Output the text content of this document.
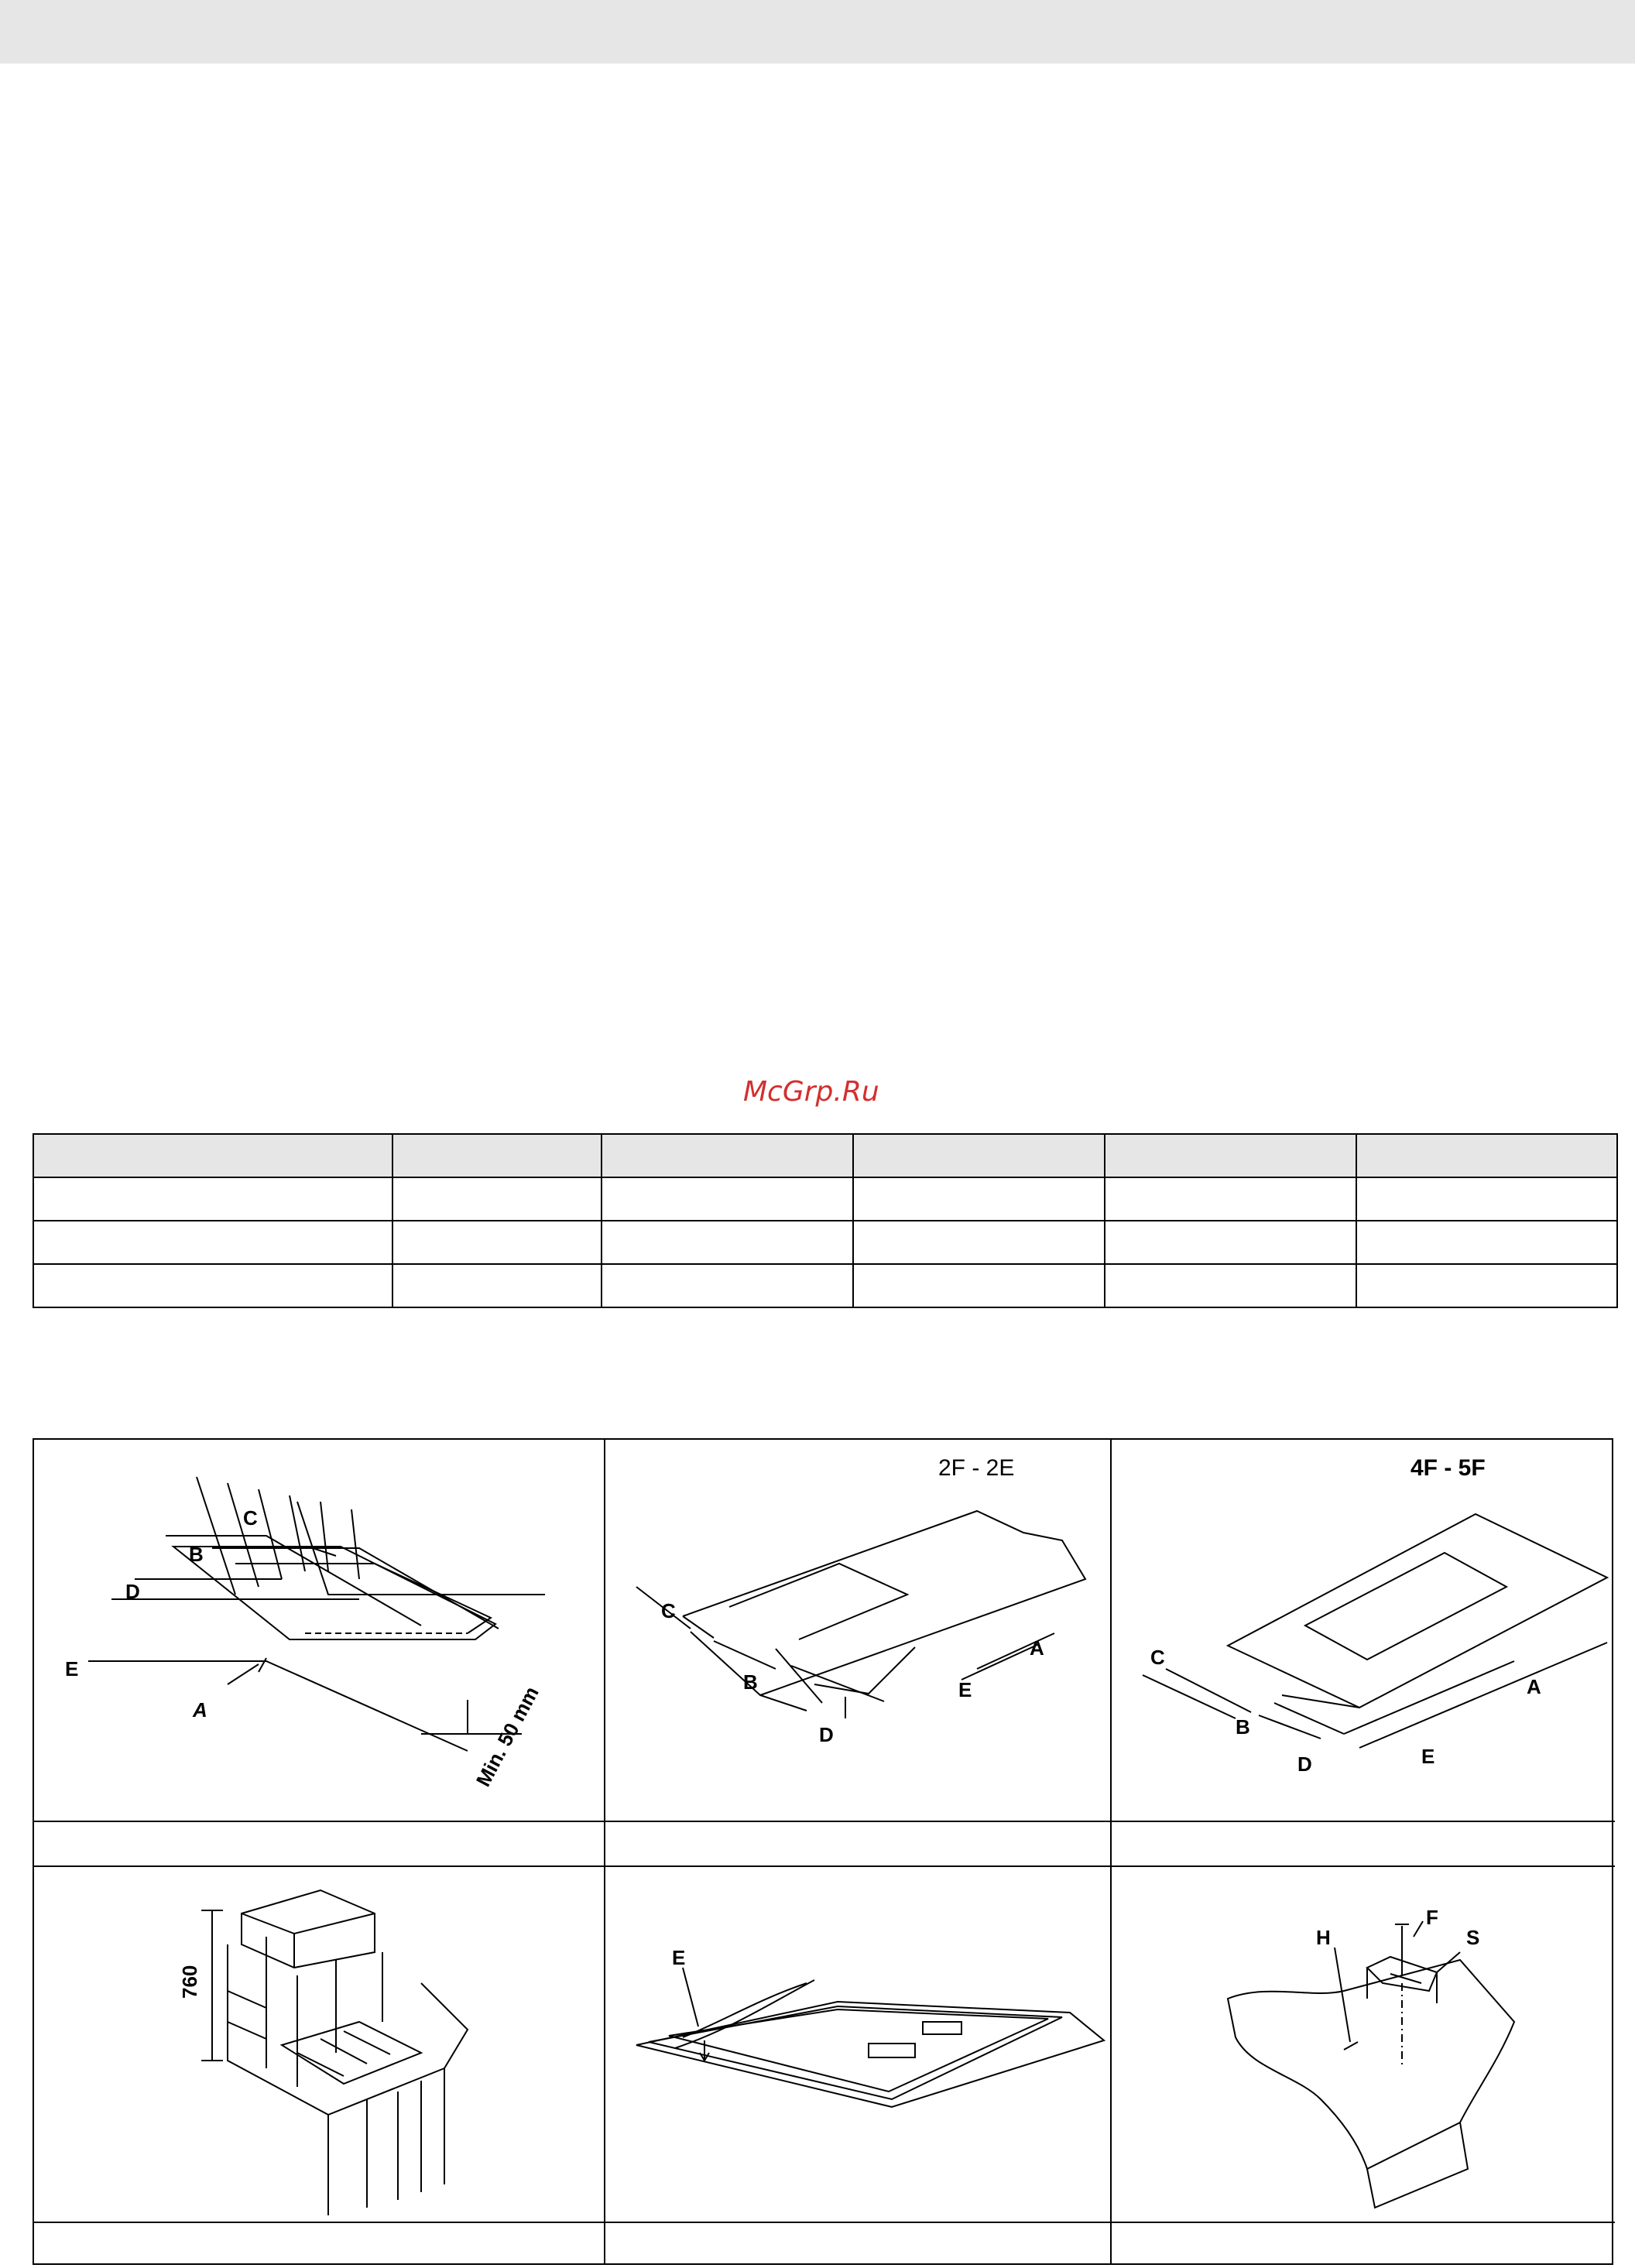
McGrp.Ru

E
D
B
C
A	Min. 50 mm
2F - 2E
C
B
D
E
A
4F - 5F
C
B
D	E
A
760
E
F
H	S
